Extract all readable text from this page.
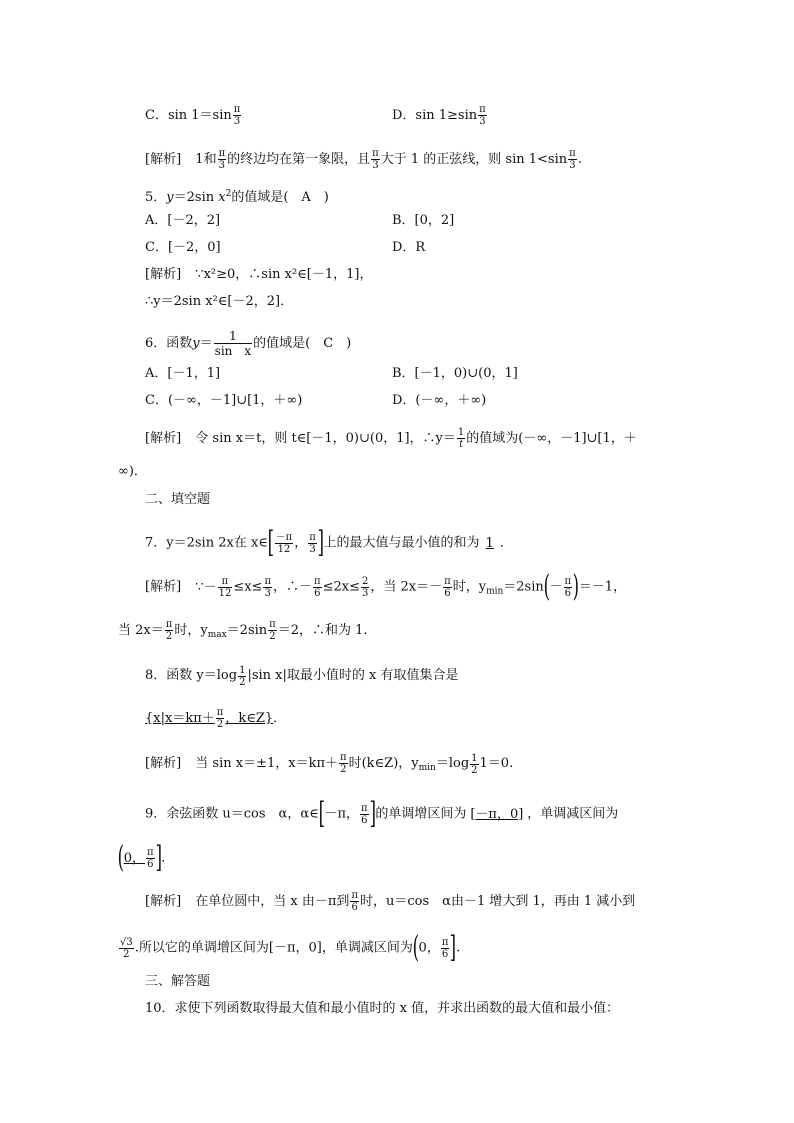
C．$\sin 1=\sin \frac{\pi}{3}$	D．$\sin 1\ge\sin \frac{\pi}{3}$
[解析] 1和 $\frac{\pi}{3}$ 的终边均在第一象限，且 $\frac{\pi}{3}$ 大于 1 的正弦线，则 $\sin 1<\sin \frac{\pi}{3}$ .
5．y＝2sin $x^2$的值域是(　A　)
A．[－2，2]	B．[0，2]
C．[－2，0]	D．R
[解析] ∵x²≥0，∴sin x²∈[－1，1]，
∴y＝2sin x²∈[－2，2]．
6．函数$y= \frac{1}{\text{sin　x}}$ 的值域是(　C　)
A．[－1，1]	B．[－1，0)∪(0，1]
C．(－∞，－1]∪[1，＋∞)	D．(－∞，＋∞)
[解析] 令 sin x＝t，则 t∈[－1，0)∪(0，1]，∴y＝ $\frac{1}{t}$ 的值域为(－∞，－1]∪[1，＋
∞)．
二、填空题
7．y＝2sin 2x在 x∈[ $\frac{-\pi}{12}$ ， $\frac{\pi}{3}$ ]上的最大值与最小值的和为 1 ．
[解析] ∵－ $\frac{\pi}{12} \le x\le \frac{\pi}{3}$ ，∴－ $\frac{\pi}{6} \le 2x\le \frac{2}{3}$ ，当 $2x=- \frac{\pi}{6}$ 时，$y_{min}=2\sin(- \frac{\pi}{6} )=-1$，
当 $2x= \frac{\pi}{2}$ 时，$y_{max}=2\sin \frac{\pi}{2} =2$，∴和为 1.
8．函数 $y=\log \frac{1}{2} |\sin$ x|取最小值时的 x 有取值集合是
{$x|x=k\pi+ \frac{\pi}{2}$ ，k∈Z}．
[解析] 当 sin x＝±1，$x=k\pi+ \frac{\pi}{2}$ 时(k∈Z)，$y_{min}=\log \frac{1}{2} 1=0$.
9．余弦函数 u＝cos　α，α∈[－π， $\frac{\pi}{6}$ ]的单调增区间为 [－π，0] ，单调减区间为
(0， $\frac{\pi}{6}$ ]．
[解析] 在单位圆中，当 x 由－π到 $\frac{\pi}{6}$ 时，u＝cos　α由－1 增大到 1，再由 1 减小到
$\frac{√3}{2}$ .所以它的单调增区间为[－π，0]，单调减区间为(0， $\frac{\pi}{6}$ ].
三、解答题
10．求使下列函数取得最大值和最小值时的 x 值，并求出函数的最大值和最小值：
